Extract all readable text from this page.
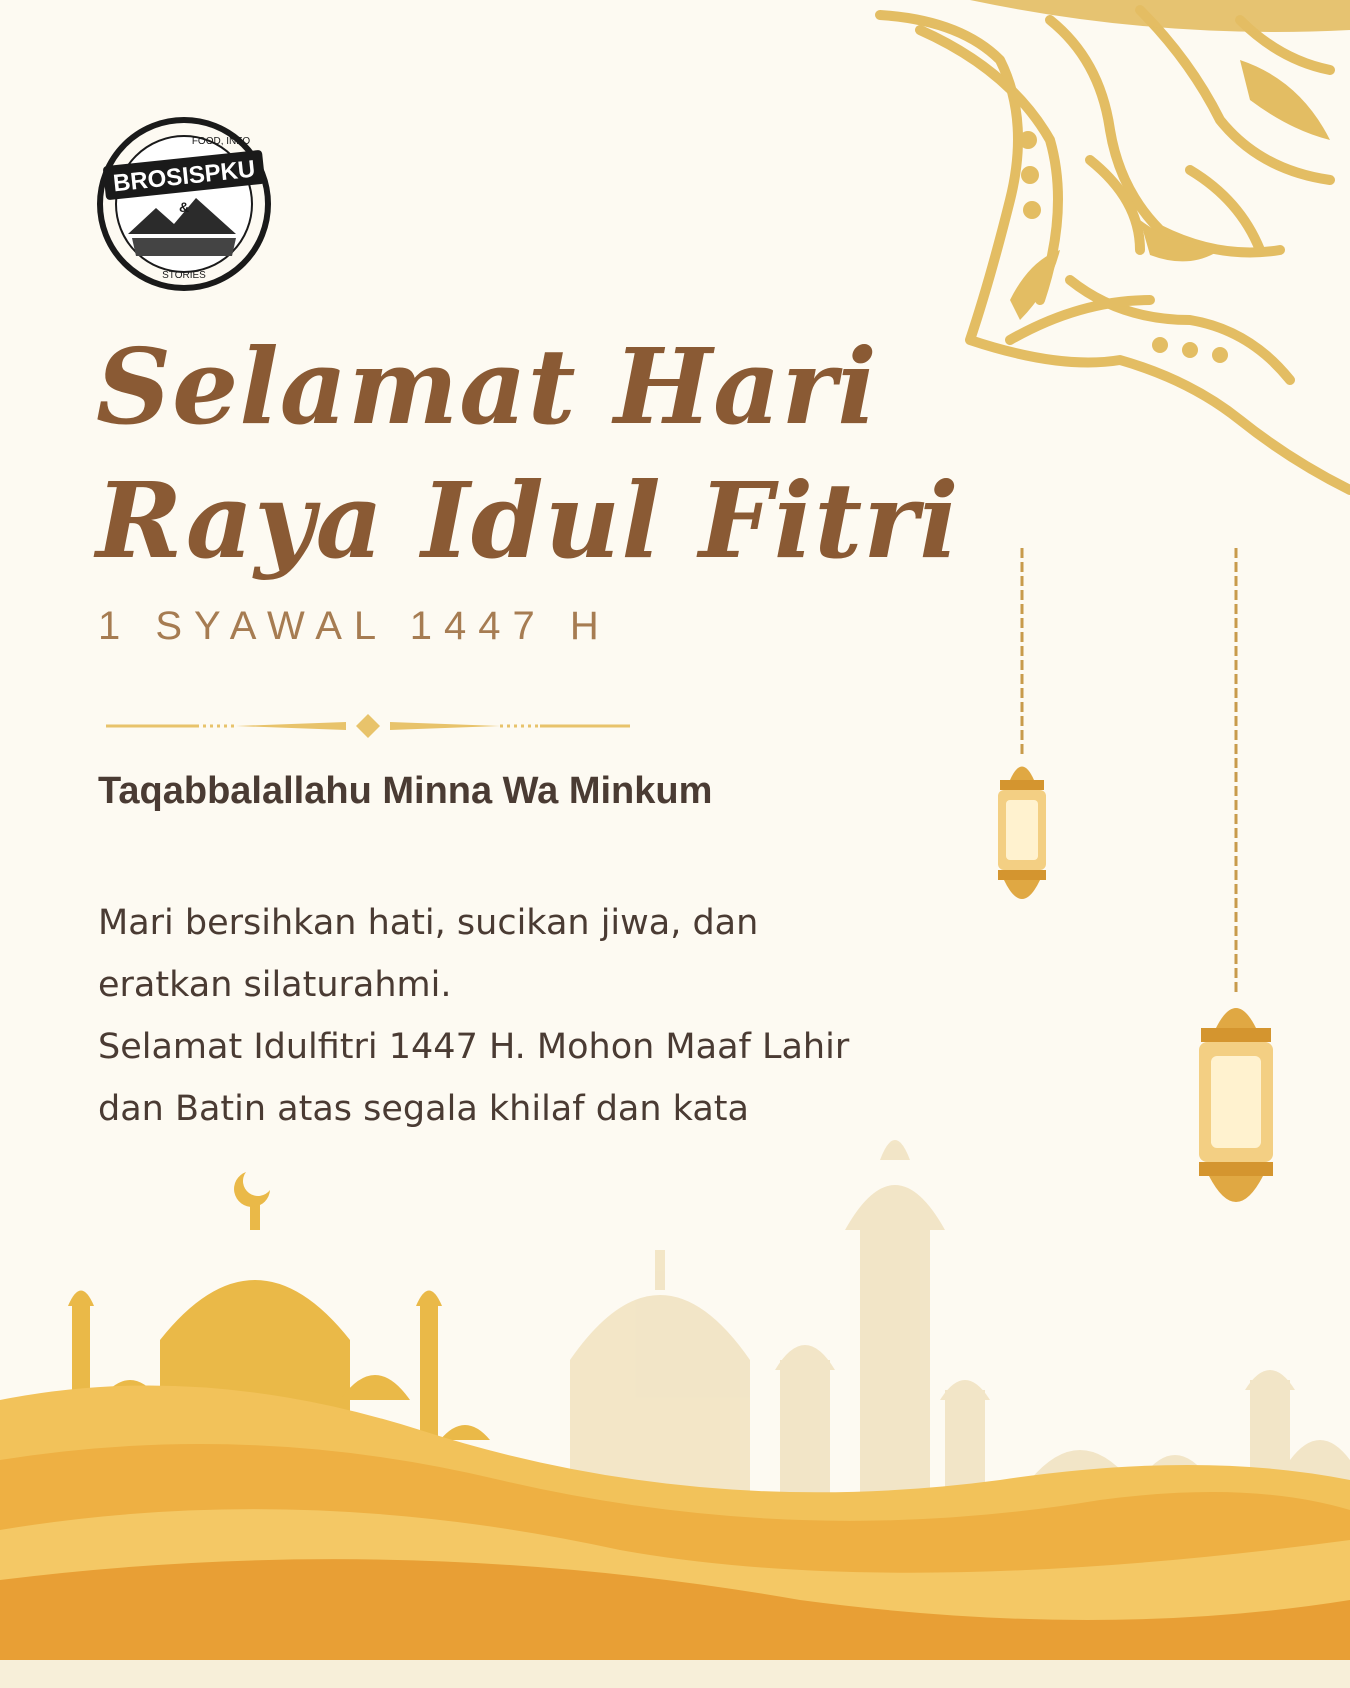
BROSISPKU
FOOD, INFO
&
STORIES
Selamat Hari
Raya Idul Fitri
1 SYAWAL 1447 H
Taqabbalallahu Minna Wa Minkum

Mari bersihkan hati, sucikan jiwa, dan eratkan silaturahmi.

Selamat Idulfitri 1447 H. Mohon Maaf Lahir dan Batin atas segala khilaf dan kata
